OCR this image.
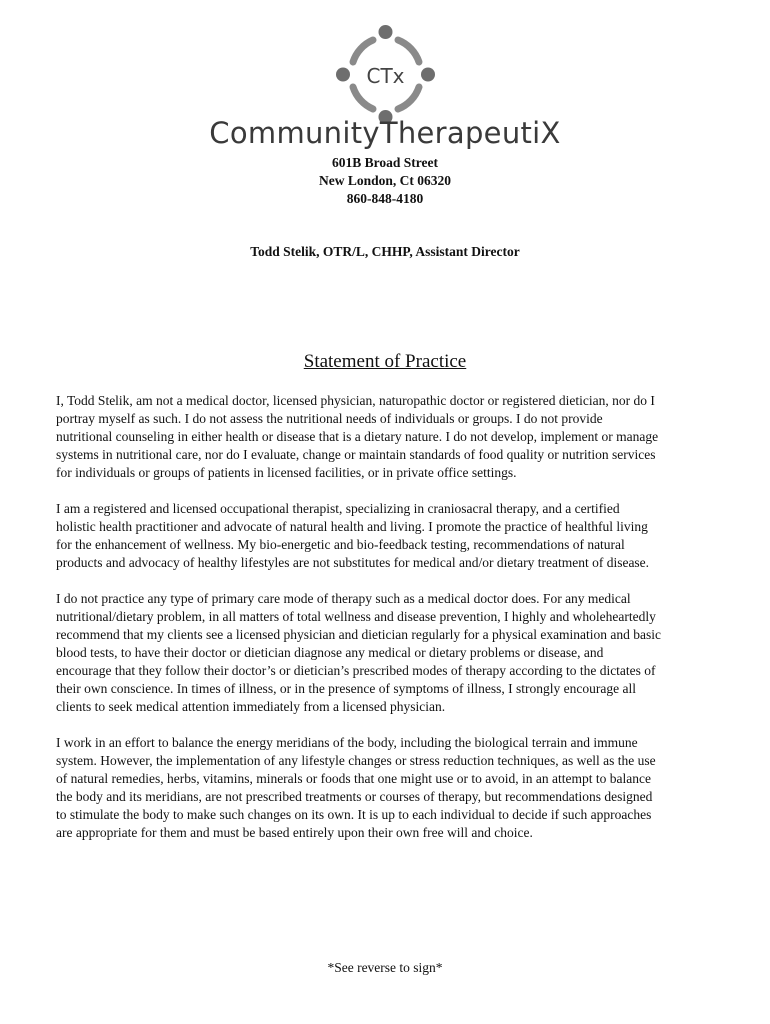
CTx
CommunityTherapeutiX
601B Broad Street
New London, Ct 06320
860-848-4180
Todd Stelik, OTR/L, CHHP, Assistant Director
Statement of Practice

I, Todd Stelik, am not a medical doctor, licensed physician, naturopathic doctor or registered dietician, nor do I portray myself as such. I do not assess the nutritional needs of individuals or groups. I do not provide nutritional counseling in either health or disease that is a dietary nature. I do not develop, implement or manage systems in nutritional care, nor do I evaluate, change or maintain standards of food quality or nutrition services for individuals or groups of patients in licensed facilities, or in private office settings.

I am a registered and licensed occupational therapist, specializing in craniosacral therapy, and a certified holistic health practitioner and advocate of natural health and living. I promote the practice of healthful living for the enhancement of wellness. My bio-energetic and bio-feedback testing, recommendations of natural products and advocacy of healthy lifestyles are not substitutes for medical and/or dietary treatment of disease.

I do not practice any type of primary care mode of therapy such as a medical doctor does. For any medical nutritional/dietary problem, in all matters of total wellness and disease prevention, I highly and wholeheartedly recommend that my clients see a licensed physician and dietician regularly for a physical examination and basic blood tests, to have their doctor or dietician diagnose any medical or dietary problems or disease, and encourage that they follow their doctor’s or dietician’s prescribed modes of therapy according to the dictates of their own conscience. In times of illness, or in the presence of symptoms of illness, I strongly encourage all clients to seek medical attention immediately from a licensed physician.

I work in an effort to balance the energy meridians of the body, including the biological terrain and immune system. However, the implementation of any lifestyle changes or stress reduction techniques, as well as the use of natural remedies, herbs, vitamins, minerals or foods that one might use or to avoid, in an attempt to balance the body and its meridians, are not prescribed treatments or courses of therapy, but recommendations designed to stimulate the body to make such changes on its own. It is up to each individual to decide if such approaches are appropriate for them and must be based entirely upon their own free will and choice.

*See reverse to sign*
